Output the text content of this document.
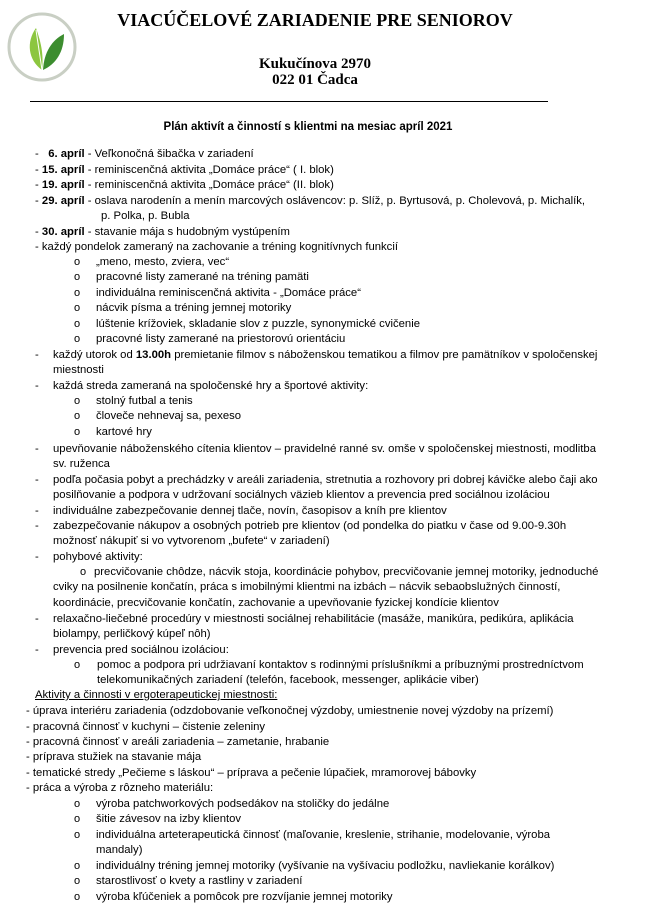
VIACÚČELOVÉ ZARIADENIE PRE SENIOROV
Kukučínova 2970
022 01 Čadca
Plán aktivít a činností s klientmi na mesiac apríl 2021
- 6. apríl - Veľkonočná šibačka v zariadení
- 15. apríl - reminiscenčná aktivita „Domáce práce“ ( I. blok)
- 19. apríl - reminiscenčná aktivita „Domáce práce“ (II. blok)
- 29. apríl - oslava narodenín a menín marcových oslávencov: p. Slíž, p. Byrtusová, p. Cholevová, p. Michalík,
p. Polka, p. Bubla
- 30. apríl - stavanie mája s hudobným vystúpením
- každý pondelok zameraný na zachovanie a tréning kognitívnych funkcií
o „meno, mesto, zviera, vec“
o pracovné listy zamerané na tréning pamäti
o individuálna reminiscenčná aktivita - „Domáce práce“
o nácvik písma a tréning jemnej motoriky
o lúštenie krížoviek, skladanie slov z puzzle, synonymické cvičenie
o pracovné listy zamerané na priestorovú orientáciu
- každý utorok od 13.00h premietanie filmov s náboženskou tematikou a filmov pre pamätníkov v spoločenskej
miestnosti
- každá streda zameraná na spoločenské hry a športové aktivity:
o stolný futbal a tenis
o človeče nehnevaj sa, pexeso
o kartové hry
- upevňovanie náboženského cítenia klientov – pravidelné ranné sv. omše v spoločenskej miestnosti, modlitba
sv. ruženca
- podľa počasia pobyt a prechádzky v areáli zariadenia, stretnutia a rozhovory pri dobrej kávičke alebo čaji ako
posilňovanie a podpora v udržovaní sociálnych väzieb klientov a prevencia pred sociálnou izoláciou
- individuálne zabezpečovanie dennej tlače, novín, časopisov a kníh pre klientov
- zabezpečovanie nákupov a osobných potrieb pre klientov (od pondelka do piatku v čase od 9.00-9.30h
možnosť nákupiť si vo vytvorenom „bufete“ v zariadení)
- pohybové aktivity:
o precvičovanie chôdze, nácvik stoja, koordinácie pohybov, precvičovanie jemnej motoriky, jednoduché
cviky na posilnenie končatín, práca s imobilnými klientmi na izbách – nácvik sebaobslužných činností,
koordinácie, precvičovanie končatín, zachovanie a upevňovanie fyzickej kondície klientov
- relaxačno-liečebné procedúry v miestnosti sociálnej rehabilitácie (masáže, manikúra, pedikúra, aplikácia
biolampy, perličkový kúpeľ nôh)
- prevencia pred sociálnou izoláciou:
o pomoc a podpora pri udržiavaní kontaktov s rodinnými príslušníkmi a príbuznými prostredníctvom
telekomunikačných zariadení (telefón, facebook, messenger, aplikácie viber)
Aktivity a činnosti v ergoterapeutickej miestnosti:
- úprava interiéru zariadenia (odzdobovanie veľkonočnej výzdoby, umiestnenie novej výzdoby na prízemí)
- pracovná činnosť v kuchyni – čistenie zeleniny
- pracovná činnosť v areáli zariadenia – zametanie, hrabanie
- príprava stužiek na stavanie mája
- tematické stredy „Pečieme s láskou“ – príprava a pečenie lúpačiek, mramorovej bábovky
- práca a výroba z rôzneho materiálu:
o výroba patchworkových podsedákov na stoličky do jedálne
o šitie závesov na izby klientov
o individuálna arteterapeutická činnosť (maľovanie, kreslenie, strihanie, modelovanie, výroba
mandaly)
o individuálny tréning jemnej motoriky (vyšívanie na vyšívaciu podložku, navliekanie korálkov)
o starostlivosť o kvety a rastliny v zariadení
o výroba kľúčeniek a pomôcok pre rozvíjanie jemnej motoriky
